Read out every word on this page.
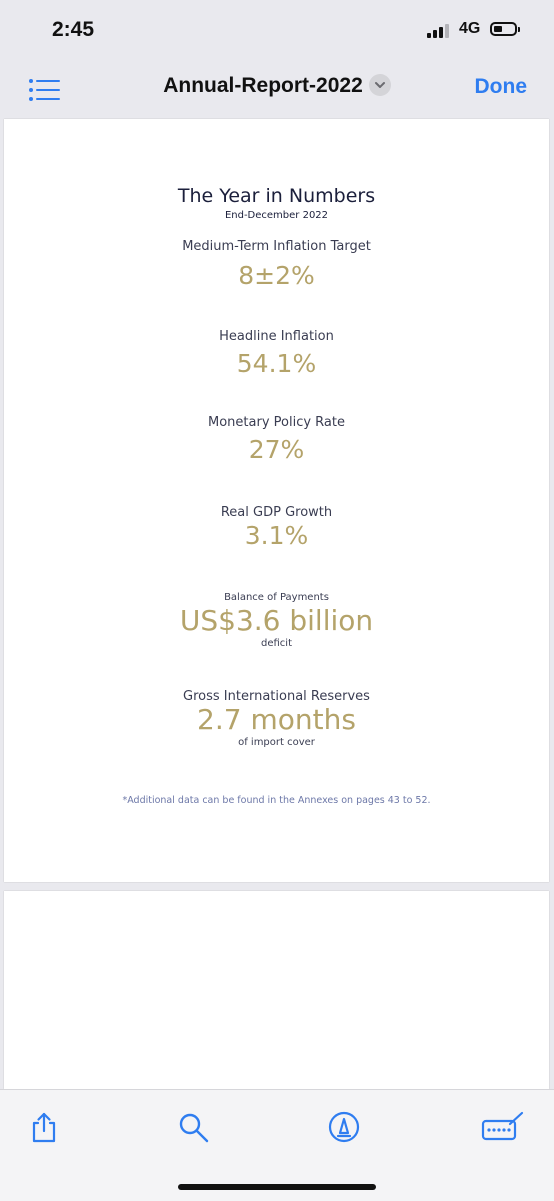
2:45	4G
Annual-Report-2022	Done
The Year in Numbers
End-December 2022
Medium-Term Inflation Target
8±2%
Headline Inflation
54.1%
Monetary Policy Rate
27%
Real GDP Growth
3.1%
Balance of Payments
US$3.6 billion
deficit
Gross International Reserves
2.7 months
of import cover
*Additional data can be found in the Annexes on pages 43 to 52.
